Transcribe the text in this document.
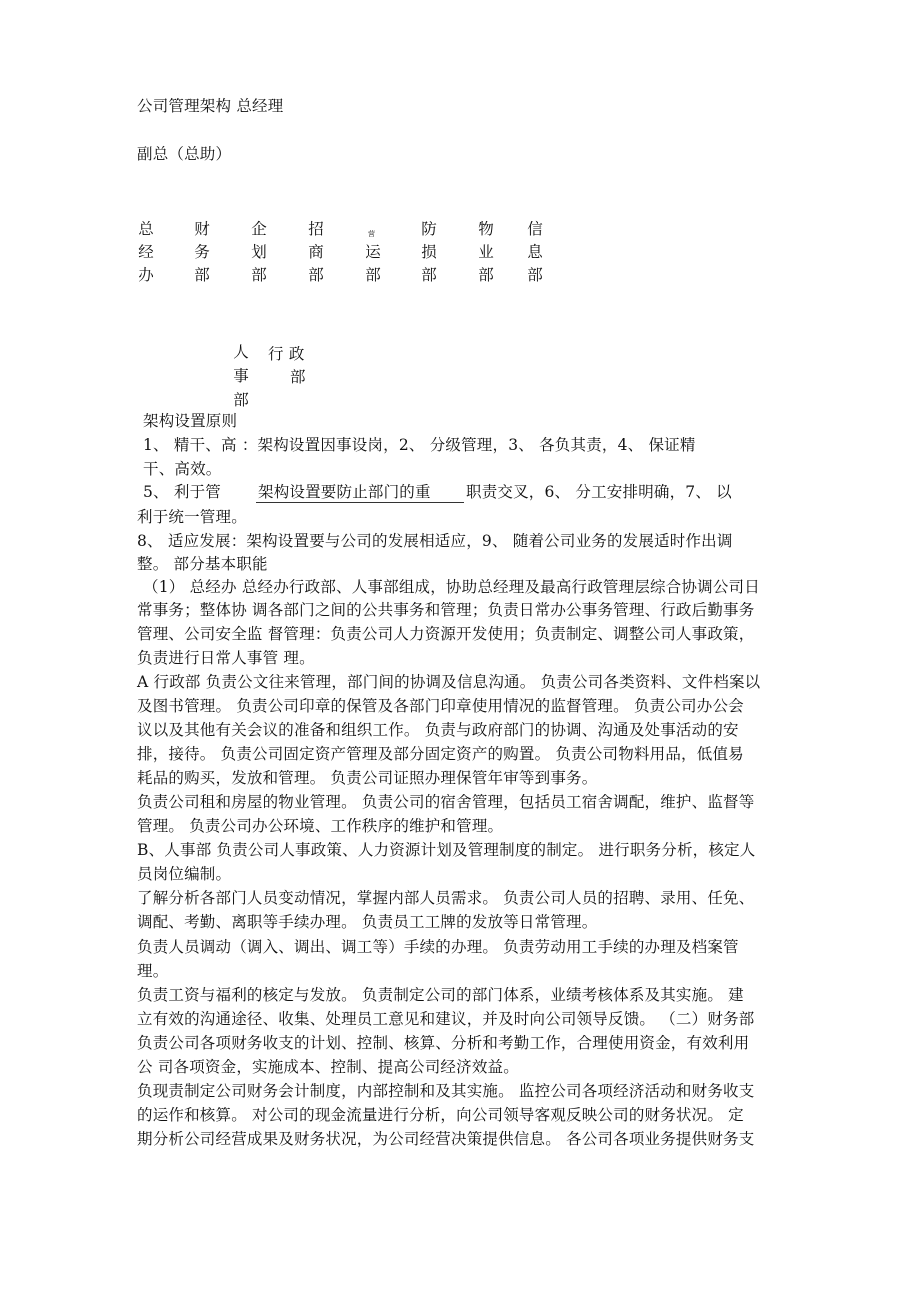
公司管理架构 总经理
副总（总助）
总
经
办
财
务
部
企
划
部
招
商
部

运
部
营	防
损
部
物
业
部
信
息
部
人
事
部
行 政
部
架构设置原则
1、 精干、高 ：架构设置因事设岗，2、 分级管理，3、 各负其责，4、 保证精
干、高效。
5、 利于管 架构设置要防止部门的重 职责交叉，6、 分工安排明确，7、 以
利于统一管理。
8、 适应发展：架构设置要与公司的发展相适应，9、 随着公司业务的发展适时作出调
整。 部分基本职能
（1） 总经办 总经办行政部、人事部组成，协助总经理及最高行政管理层综合协调公司日
常事务；整体协 调各部门之间的公共事务和管理；负责日常办公事务管理、行政后勤事务
管理、公司安全监 督管理：负责公司人力资源开发使用；负责制定、调整公司人事政策，
负责进行日常人事管 理。
A 行政部 负责公文往来管理，部门间的协调及信息沟通。 负责公司各类资料、文件档案以
及图书管理。 负责公司印章的保管及各部门印章使用情况的监督管理。 负责公司办公会
议以及其他有关会议的准备和组织工作。 负责与政府部门的协调、沟通及处事活动的安
排，接待。 负责公司固定资产管理及部分固定资产的购置。 负责公司物料用品，低值易
耗品的购买，发放和管理。 负责公司证照办理保管年审等到事务。
负责公司租和房屋的物业管理。 负责公司的宿舍管理，包括员工宿舍调配，维护、监督等
管理。 负责公司办公环境、工作秩序的维护和管理。
B、人事部 负责公司人事政策、人力资源计划及管理制度的制定。 进行职务分析，核定人
员岗位编制。
了解分析各部门人员变动情况，掌握内部人员需求。 负责公司人员的招聘、录用、任免、
调配、考勤、离职等手续办理。 负责员工工牌的发放等日常管理。
负责人员调动（调入、调出、调工等）手续的办理。 负责劳动用工手续的办理及档案管
理。
负责工资与福利的核定与发放。 负责制定公司的部门体系，业绩考核体系及其实施。 建
立有效的沟通途径、收集、处理员工意见和建议，并及时向公司领导反馈。 （二）财务部
负责公司各项财务收支的计划、控制、核算、分析和考勤工作，合理使用资金，有效利用
公 司各项资金，实施成本、控制、提高公司经济效益。
负现责制定公司财务会计制度，内部控制和及其实施。 监控公司各项经济活动和财务收支
的运作和核算。 对公司的现金流量进行分析，向公司领导客观反映公司的财务状况。 定
期分析公司经营成果及财务状况，为公司经营决策提供信息。 各公司各项业务提供财务支
